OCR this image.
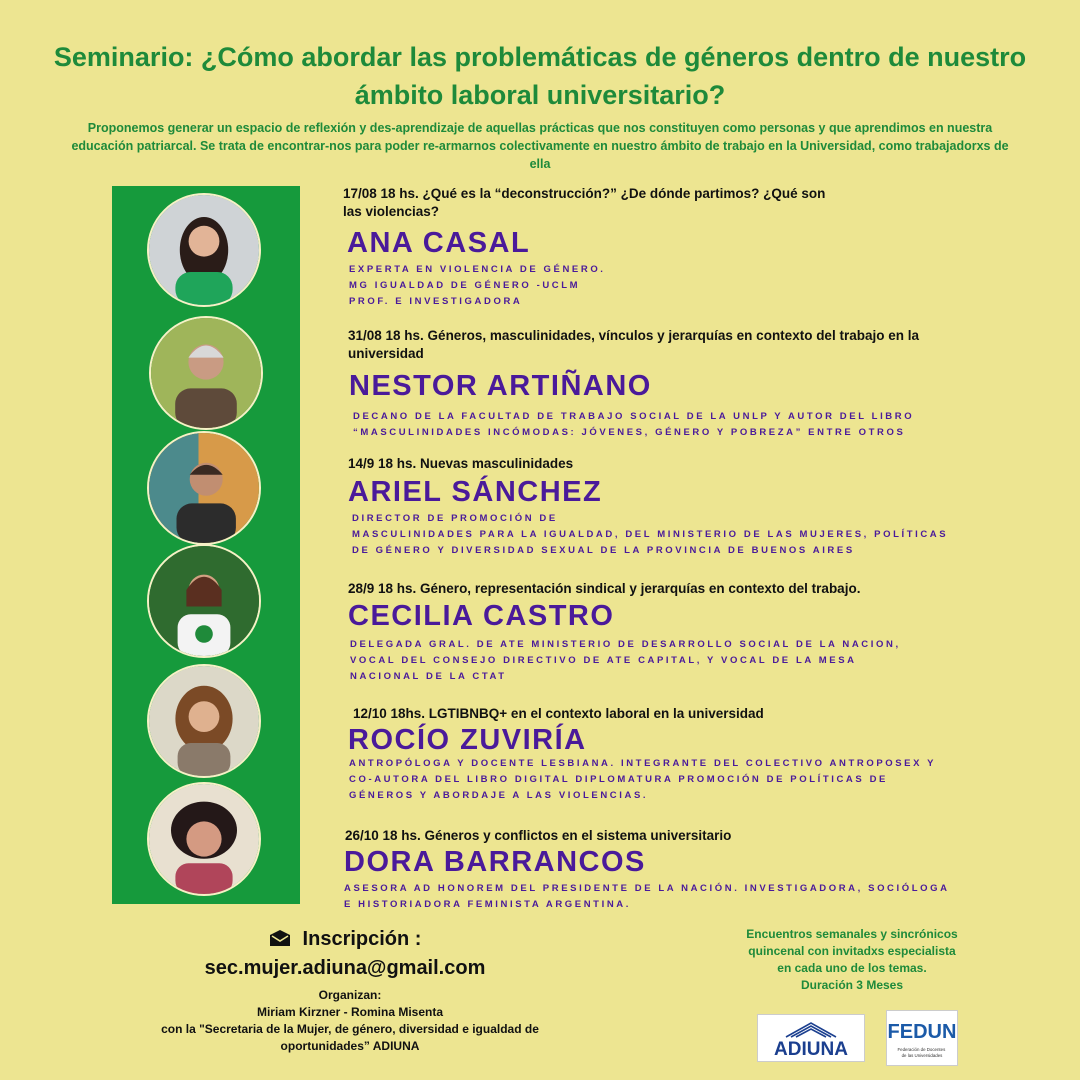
Seminario: ¿Cómo abordar las problemáticas de géneros dentro de nuestro ámbito laboral universitario?
Proponemos generar un espacio de reflexión y des-aprendizaje de aquellas prácticas que nos constituyen como personas y que aprendimos en nuestra educación patriarcal. Se trata de encontrar-nos para poder re-armarnos colectivamente en nuestro ámbito de trabajo en la Universidad, como trabajadorxs de ella
17/08 18 hs. ¿Qué es la “deconstrucción?” ¿De dónde partimos? ¿Qué son las violencias?
ANA CASAL
EXPERTA EN VIOLENCIA DE GÉNERO.
MG IGUALDAD DE GÉNERO -UCLM
PROF. E INVESTIGADORA
31/08 18 hs. Géneros, masculinidades, vínculos y jerarquías en contexto del trabajo en la universidad
NESTOR ARTIÑANO
DECANO DE LA FACULTAD DE TRABAJO SOCIAL DE LA UNLP Y AUTOR DEL LIBRO
“MASCULINIDADES INCÓMODAS: JÓVENES, GÉNERO Y POBREZA” ENTRE OTROS
14/9 18 hs. Nuevas masculinidades
ARIEL SÁNCHEZ
DIRECTOR DE PROMOCIÓN DE
MASCULINIDADES PARA LA IGUALDAD, DEL MINISTERIO DE LAS MUJERES, POLÍTICAS
DE GÉNERO Y DIVERSIDAD SEXUAL DE LA PROVINCIA DE BUENOS AIRES
28/9 18 hs. Género, representación sindical y jerarquías en contexto del trabajo.
CECILIA CASTRO
DELEGADA GRAL. DE ATE MINISTERIO DE DESARROLLO SOCIAL DE LA NACION,
VOCAL DEL CONSEJO DIRECTIVO DE ATE CAPITAL, Y VOCAL DE LA MESA
NACIONAL DE LA CTAT
12/10 18hs. LGTIBNBQ+ en el contexto laboral en la universidad
ROCÍO ZUVIRÍA
ANTROPÓLOGA Y DOCENTE LESBIANA. INTEGRANTE DEL COLECTIVO ANTROPOSEX Y
CO-AUTORA DEL LIBRO DIGITAL DIPLOMATURA PROMOCIÓN DE POLÍTICAS DE
GÉNEROS Y ABORDAJE A LAS VIOLENCIAS.
26/10 18 hs. Géneros y conflictos en el sistema universitario
DORA BARRANCOS
ASESORA AD HONOREM DEL PRESIDENTE DE LA NACIÓN. INVESTIGADORA, SOCIÓLOGA
E HISTORIADORA FEMINISTA ARGENTINA.
Inscripción :
sec.mujer.adiuna@gmail.com
Organizan:
Miriam Kirzner - Romina Misenta
con la "Secretaria de la Mujer, de género, diversidad e igualdad de oportunidades” ADIUNA
Encuentros semanales y sincrónicos
quincenal con invitadxs especialista
en cada uno de los temas.
Duración 3 Meses
ADIUNA
FEDUN
Federación de Docentes de las Universidades
